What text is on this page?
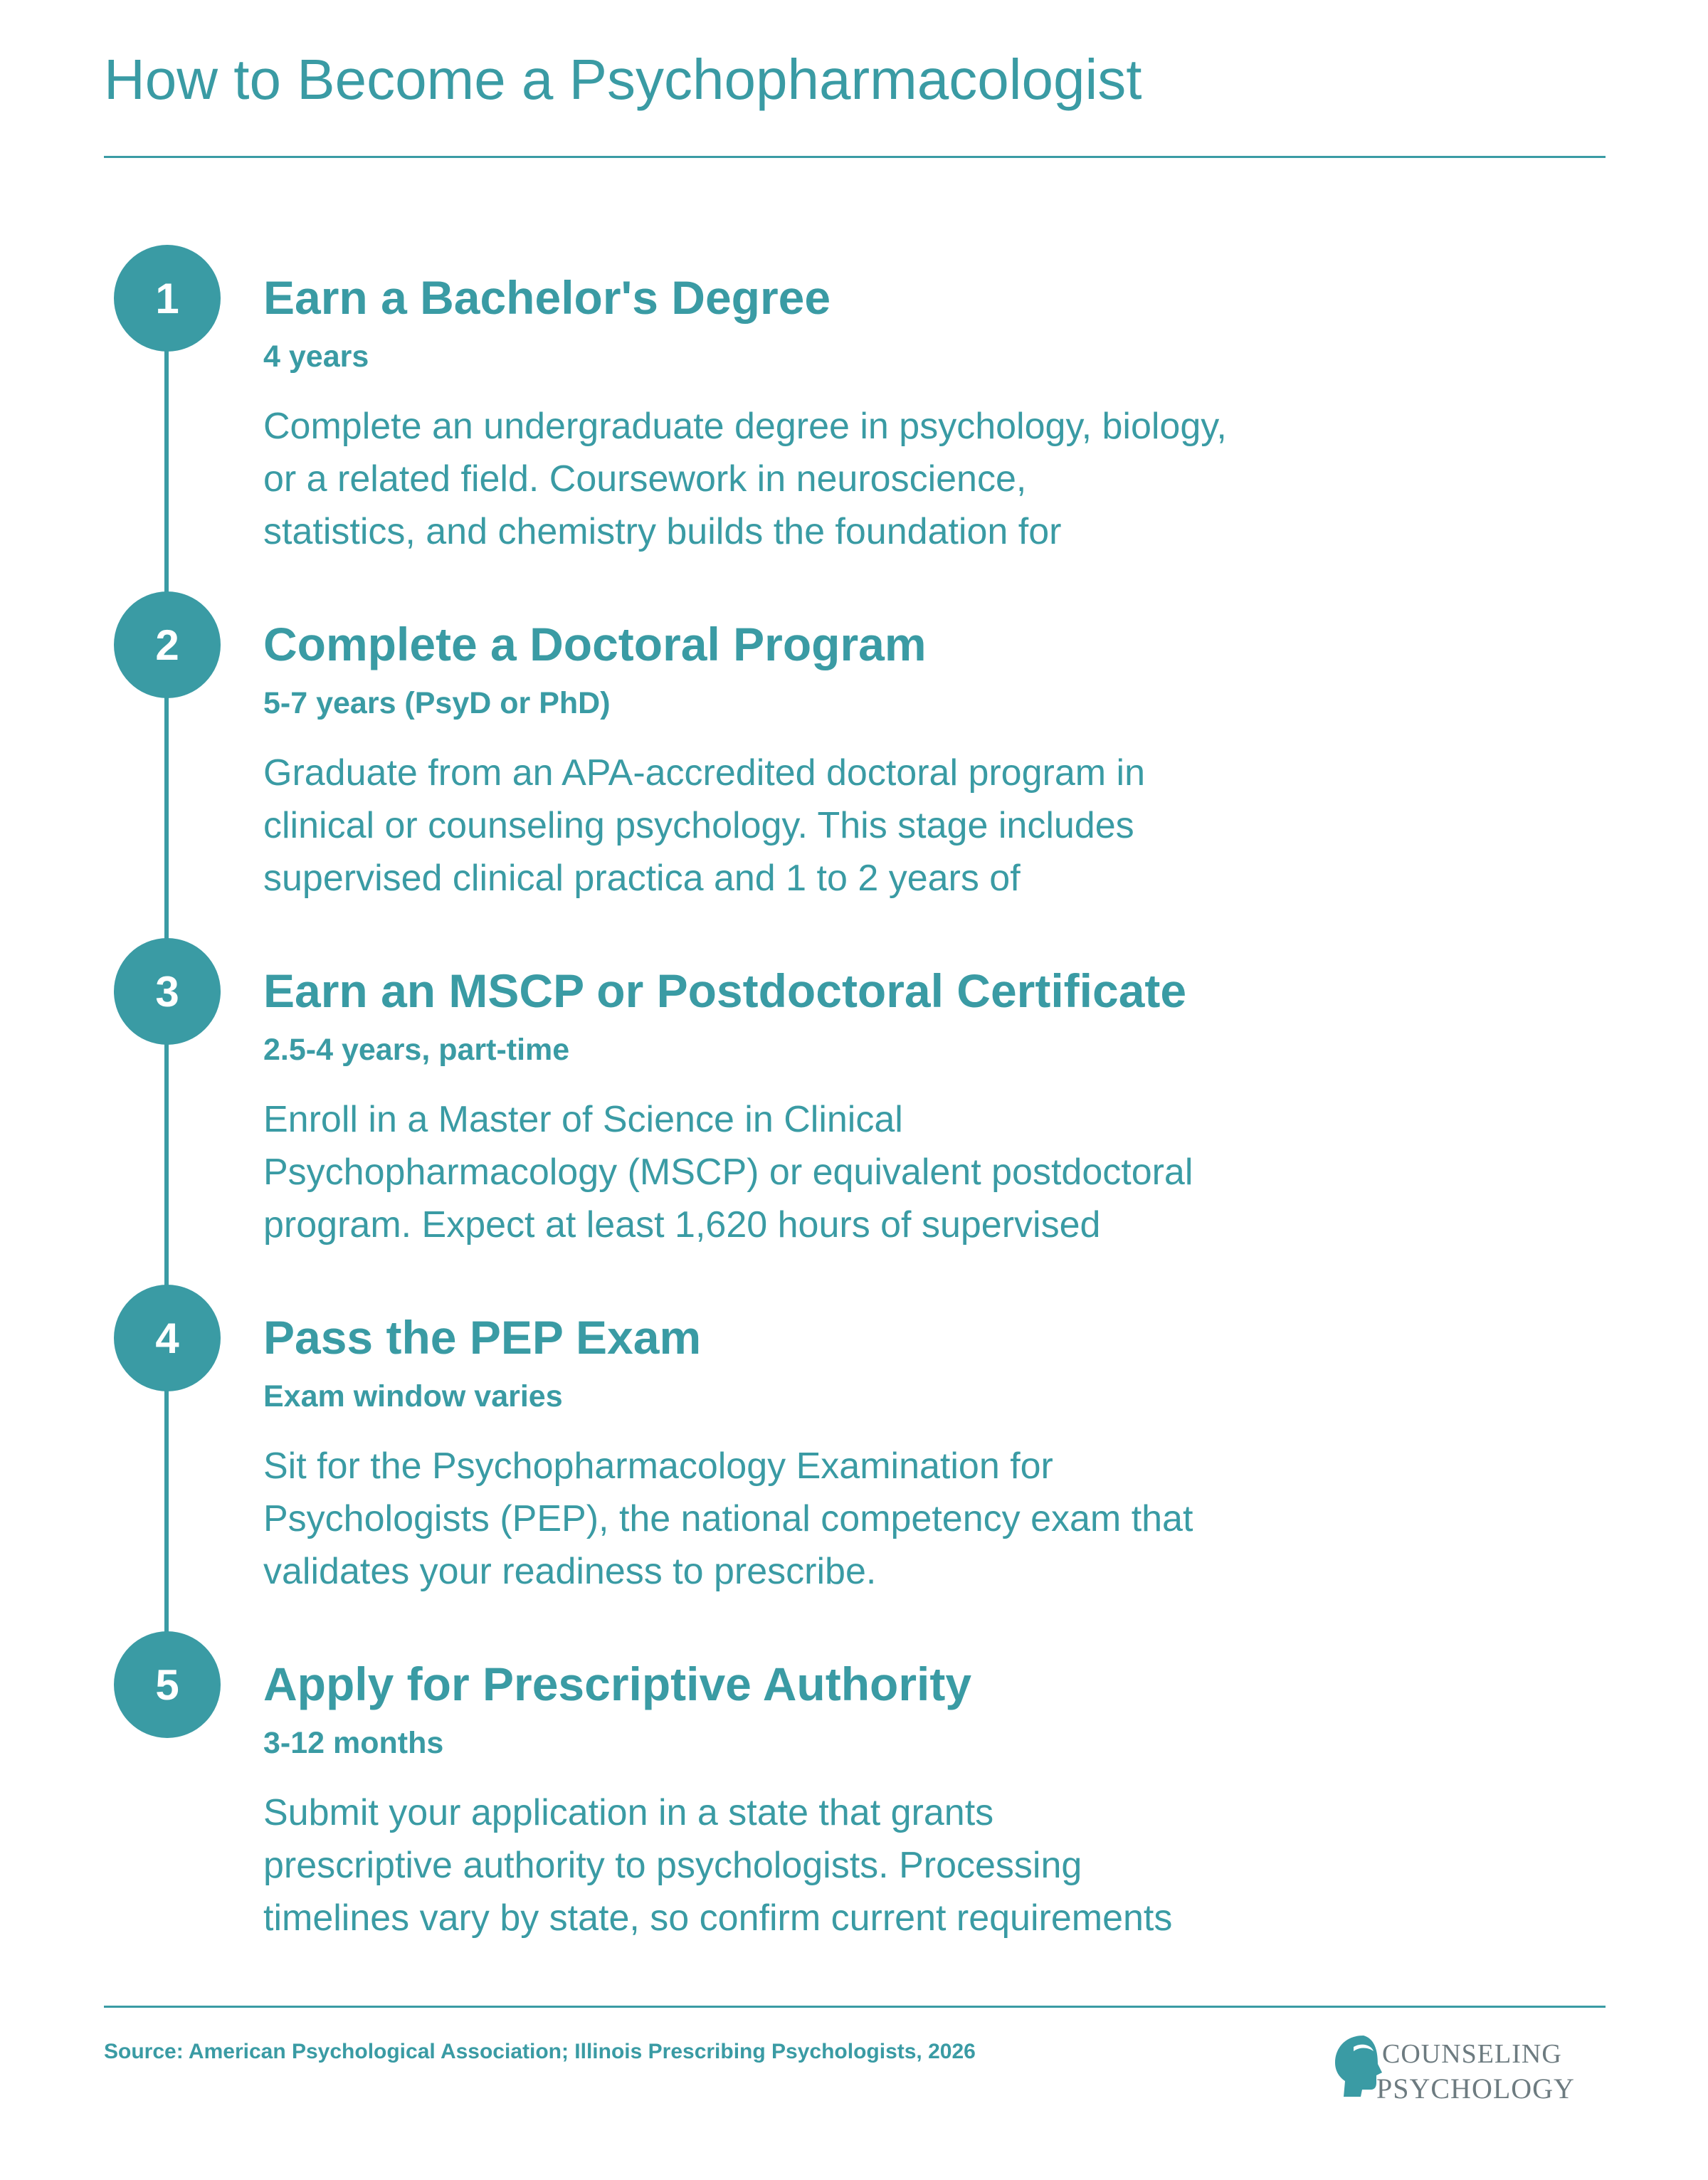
How to Become a Psychopharmacologist
1	Earn a Bachelor's Degree
4 years

Complete an undergraduate degree in psychology, biology,
or a related field. Coursework in neuroscience,
statistics, and chemistry builds the foundation for

2	Complete a Doctoral Program
5-7 years (PsyD or PhD)

Graduate from an APA-accredited doctoral program in
clinical or counseling psychology. This stage includes
supervised clinical practica and 1 to 2 years of

3	Earn an MSCP or Postdoctoral Certificate
2.5-4 years, part-time

Enroll in a Master of Science in Clinical
Psychopharmacology (MSCP) or equivalent postdoctoral
program. Expect at least 1,620 hours of supervised

4	Pass the PEP Exam
Exam window varies

Sit for the Psychopharmacology Examination for
Psychologists (PEP), the national competency exam that
validates your readiness to prescribe.

5	Apply for Prescriptive Authority
3-12 months

Submit your application in a state that grants
prescriptive authority to psychologists. Processing
timelines vary by state, so confirm current requirements

Source: American Psychological Association; Illinois Prescribing Psychologists, 2026	COUNSELING
PSYCHOLOGY
